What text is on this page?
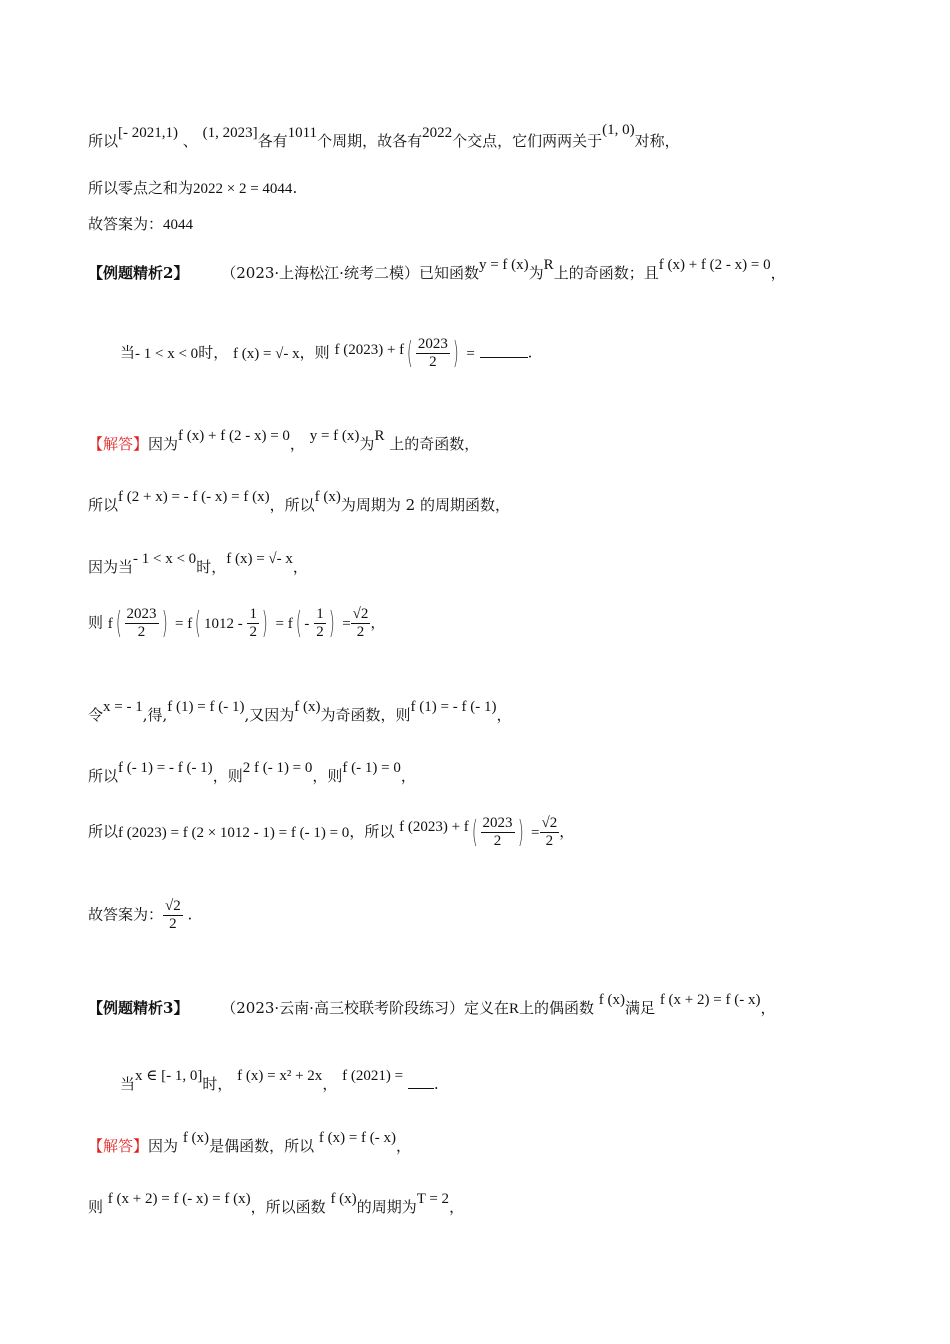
所以[- 2021,1) 、 (1, 2023]各有1011个周期，故各有2022个交点，它们两两关于(1, 0)对称，
所以零点之和为2022 × 2 = 4044.
故答案为：4044
【例题精析2】 （2023·上海松江·统考二模）已知函数y = f (x)为R上的奇函数；且f (x) + f (2 - x) = 0，
当- 1 < x < 0时， f (x) = √- x，则 f $(2023) + f( \frac{2023}{2}$ ) =	.
【解答】因为f (x) + f (2 - x) = 0， y = f (x)为R 上的奇函数，
所以f (2 + x) = - f (- x) = f (x)，所以f (x)为周期为 2 的周期函数，
因为当- 1 < x < 0时，f (x) = √- x，
则 $f( \frac{2023}{2}$ ) = f( $1012 - \frac{1}{2}$ ) = $f( - \frac{1}{2}$ ) = $\frac{√2}{2}$ ，
令x = - 1,得,f (1) = f (- 1),又因为f (x)为奇函数，则f (1) = - f (- 1)，
所以f (- 1) = - f (- 1)，则2 f (- 1) = 0，则f (- 1) = 0，
所以f (2023) = f (2 × 1012 - 1) = f (- 1) = 0，所以 f $(2023) + f( \frac{2023}{2}$ ) = $\frac{√2}{2}$ ，
故答案为： $\frac{√2}{2}$ .
【例题精析3】 （2023·云南·高三校联考阶段练习）定义在R上的偶函数 f (x)满足 f (x + 2) = f (- x)，
当x ∈ [- 1, 0]时， f (x) = x² + 2x， f (2021) = .
【解答】因为 f (x)是偶函数，所以 f (x) = f (- x)，
则 f (x + 2) = f (- x) = f (x)，所以函数 f (x)的周期为T = 2，
